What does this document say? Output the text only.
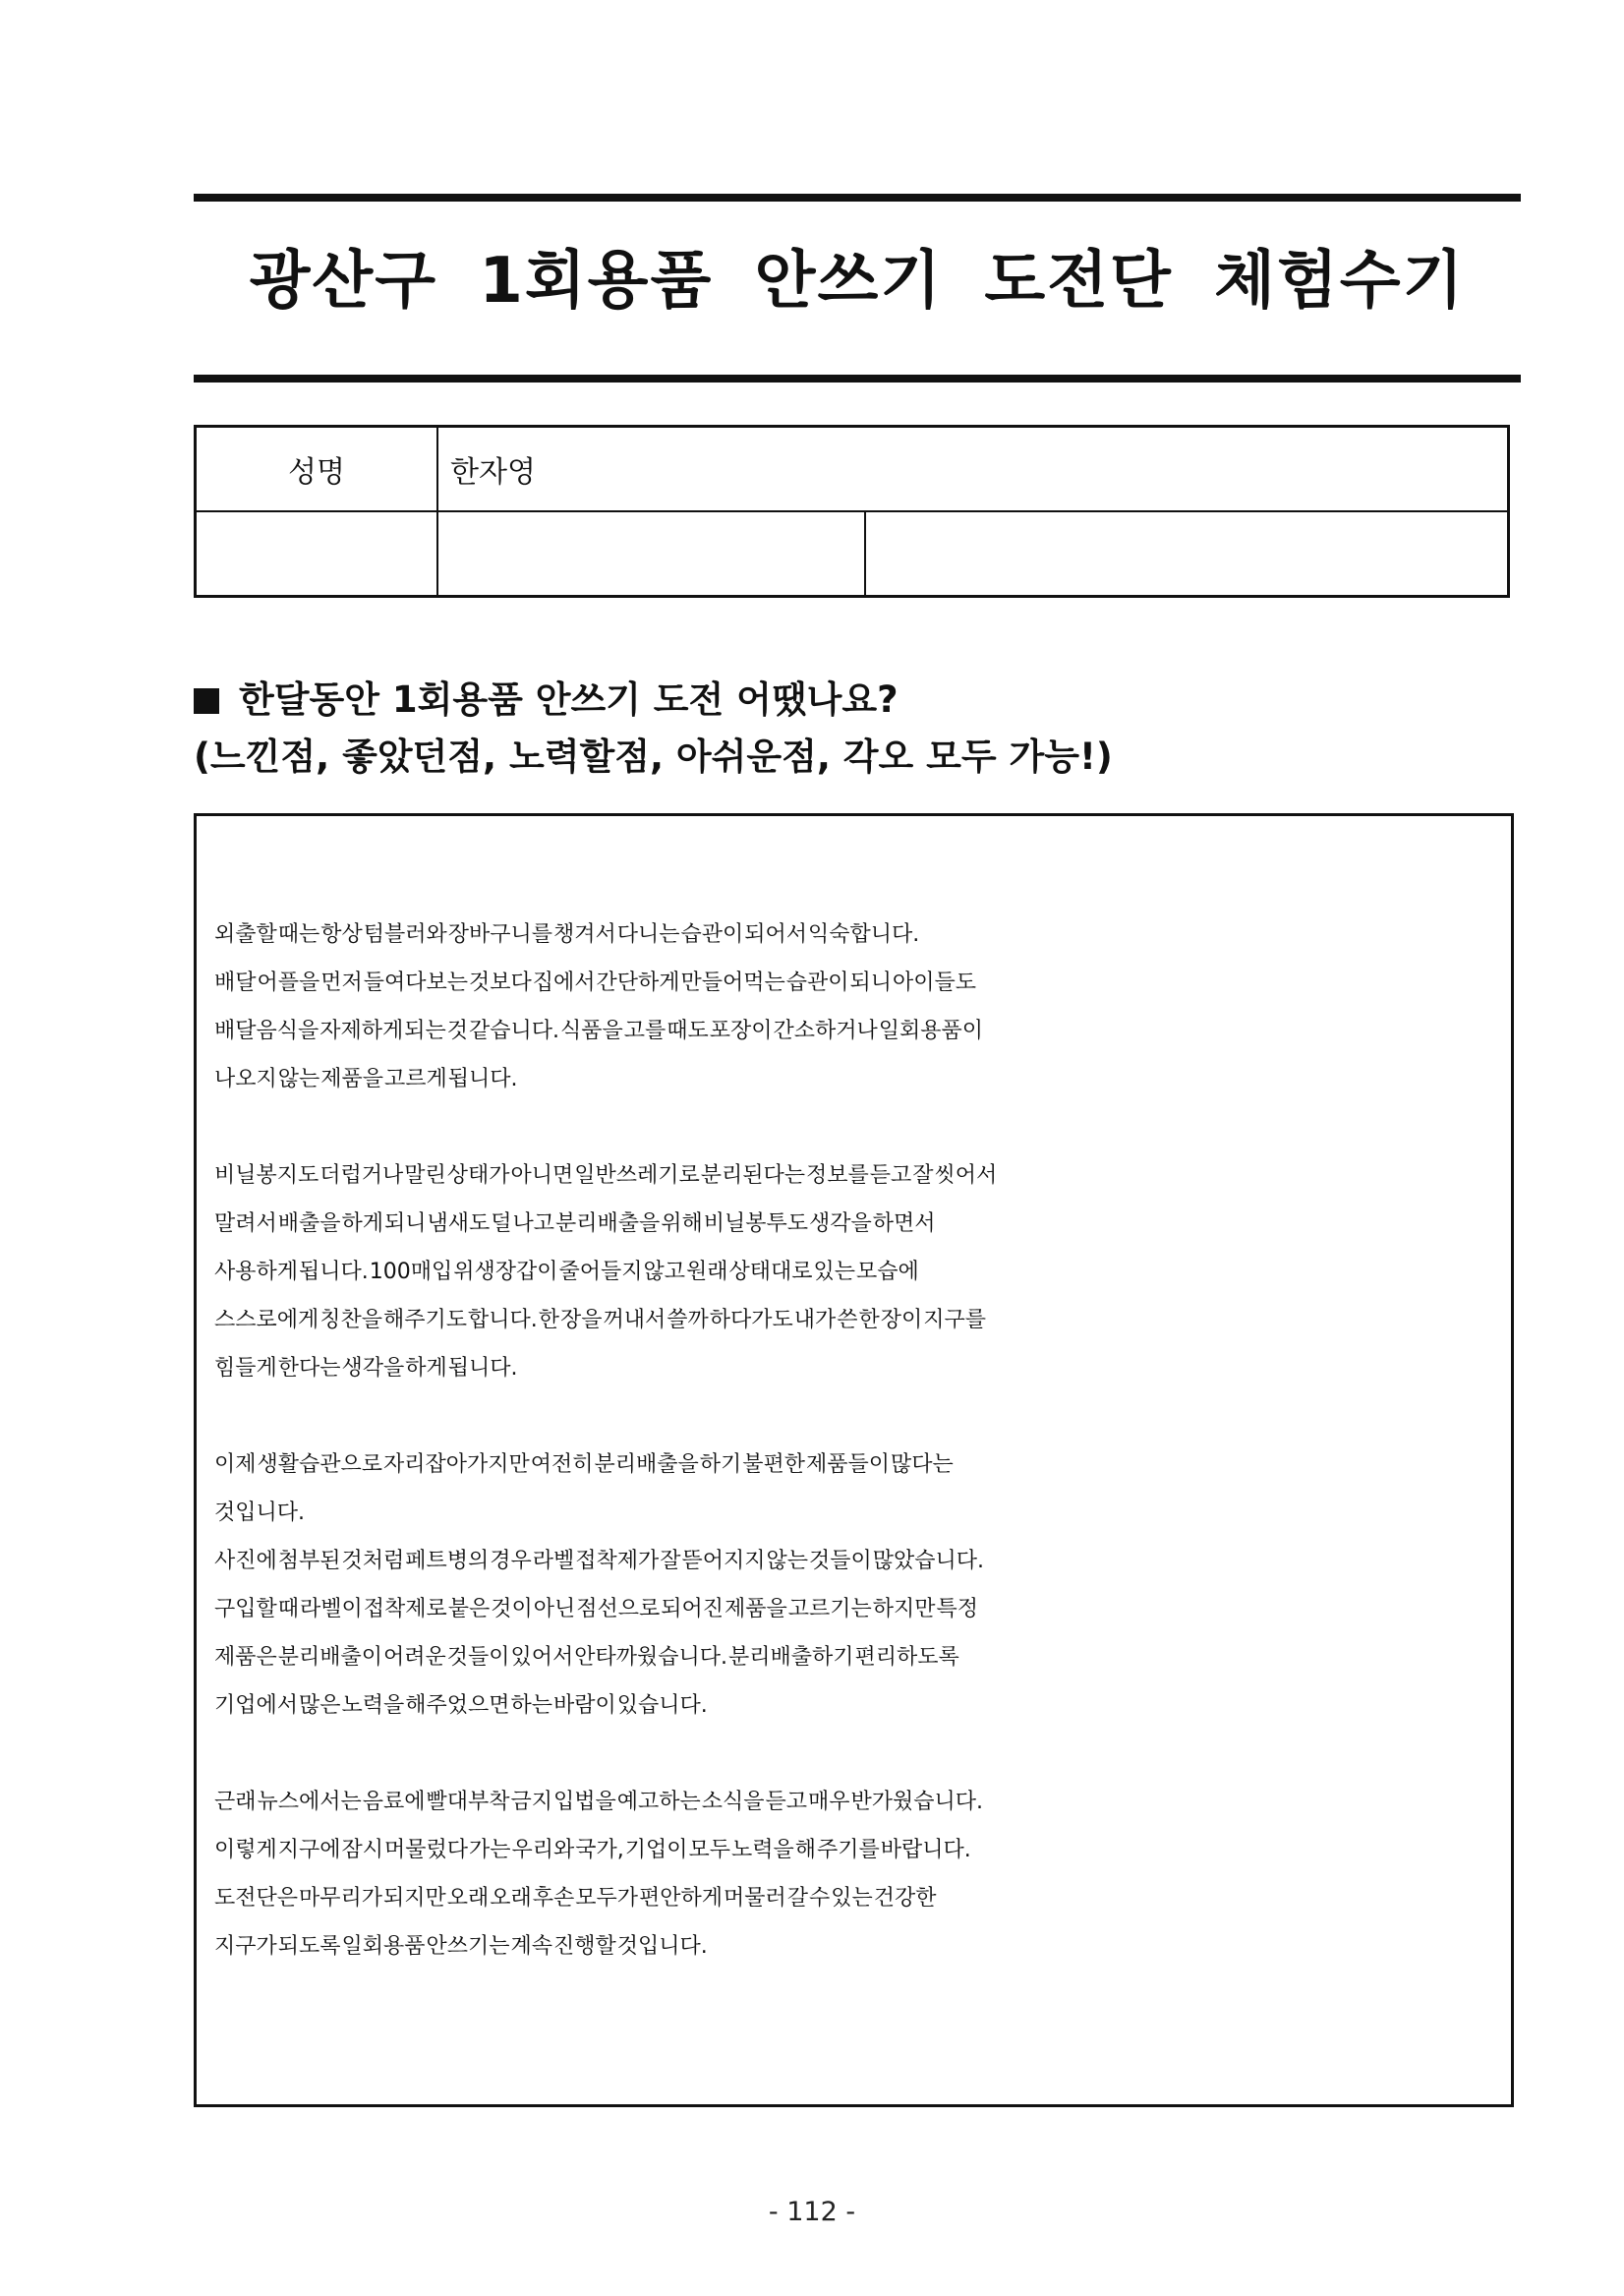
광산구 1회용품 안쓰기 도전단 체험수기
성명	한자영	

한달동안 1회용품 안쓰기 도전 어땠나요?
(느낀점, 좋았던점, 노력할점, 아쉬운점, 각오 모두 가능!)
외출할 때는 항상 텀블러와 장바구니를 챙겨서 다니는 습관이 되어서 익숙합니다.
배달 어플을 먼저 들여다보는 것보다 집에서 간단하게 만들어먹는 습관이 되니 아이들도
배달음식을 자제하게 되는 것 같습니다. 식품을 고를 때도 포장이 간소하거나 일회용품이
나오지 않는 제품을 고르게 됩니다.
비닐봉지도 더럽거나 말린 상태가 아니면 일반쓰레기로 분리된다는 정보를 듣고 잘 씻어서
말려서 배출을 하게 되니 냄새도 덜 나고 분리배출을 위해 비닐봉투도 생각을 하면서
사용하게 됩니다. 100매입 위생장갑이 줄어들지 않고 원래 상태대로 있는 모습에
스스로에게 칭찬을 해주기도 합니다. 한 장을 꺼내서 쓸까 하다가도 내가 쓴 한 장이 지구를
힘들게 한다는 생각을 하게 됩니다.
이제 생활습관으로 자리잡아가지만 여전히 분리배출을 하기 불편한 제품들이 많다는
것입니다.
사진에 첨부된 것처럼 페트병의 경우 라벨 접착제가 잘 뜯어지지 않는 것들이 많았습니다.
구입할 때 라벨이 접착제로 붙은 것이 아닌 점선으로 되어진 제품을 고르기는 하지만 특정
제품은 분리배출이 어려운 것들이 있어서 안타까웠습니다. 분리배출하기 편리하도록
기업에서 많은 노력을 해주었으면 하는 바람이 있습니다.
근래 뉴스에서는 음료에 빨대부착 금지 입법을 예고하는 소식을 듣고 매우 반가웠습니다.
이렇게 지구에 잠시 머물렀다 가는 우리와 국가, 기업이 모두 노력을 해 주기를 바랍니다.
도전단은 마무리가 되지만 오래 오래 후손 모두가 편안하게 머물러 갈 수 있는 건강한
지구가 되도록 일회용품 안쓰기는 계속 진행할 것입니다.
- 112 -
